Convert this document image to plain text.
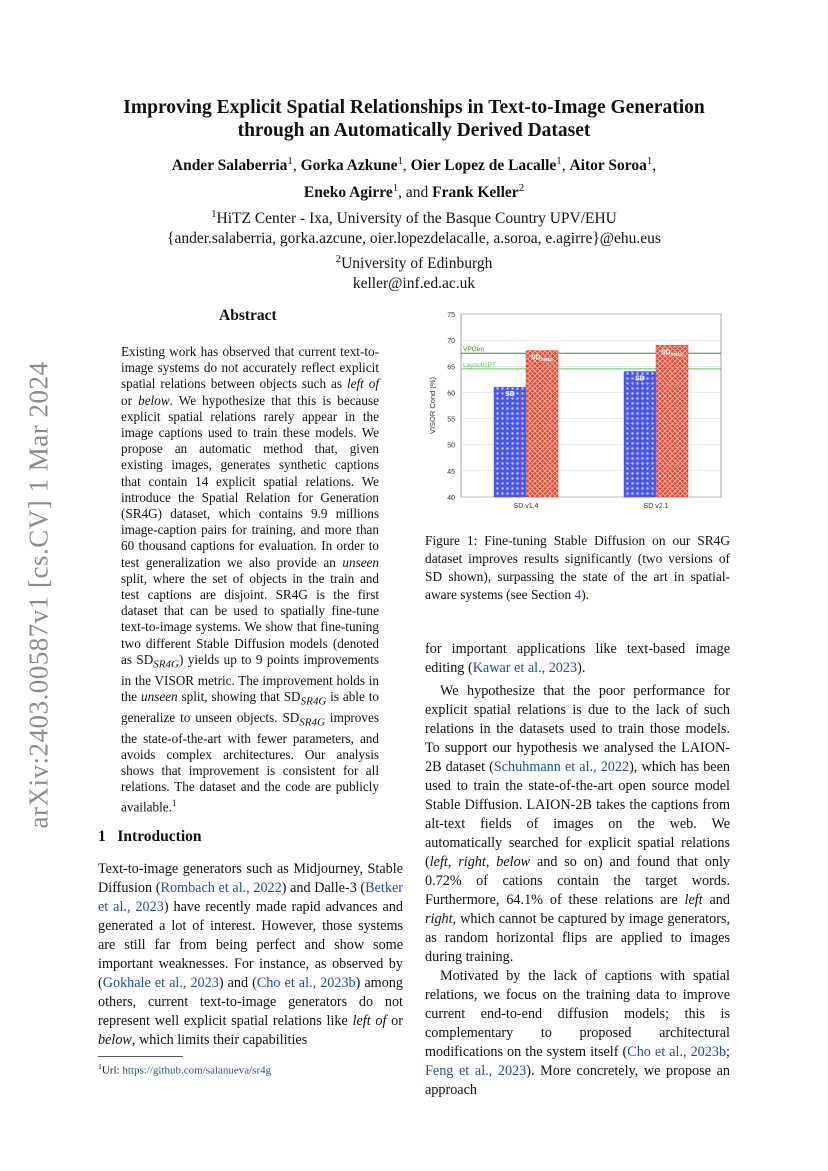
Improving Explicit Spatial Relationships in Text-to-Image Generation
through an Automatically Derived Dataset
Ander Salaberria$^1$, Gorka Azkune$^1$, Oier Lopez de Lacalle$^1$, Aitor Soroa$^1$,
Eneko Agirre$^1$, and Frank Keller$^2$
$^1$HiTZ Center - Ixa, University of the Basque Country UPV/EHU
{ander.salaberria, gorka.azcune, oier.lopezdelacalle, a.soroa, e.agirre}@ehu.eus
$^2$University of Edinburgh
keller@inf.ed.ac.uk
arXiv:2403.00587v1 [cs.CV] 1 Mar 2024
Abstract
Existing work has observed that current text-to-image systems do not accurately reflect explicit spatial relations between objects such as left of or below. We hypothesize that this is because explicit spatial relations rarely appear in the image captions used to train these models. We propose an automatic method that, given existing images, generates synthetic captions that contain 14 explicit spatial relations. We introduce the Spatial Relation for Generation (SR4G) dataset, which contains 9.9 millions image-caption pairs for training, and more than 60 thousand captions for evaluation. In order to test generalization we also provide an unseen split, where the set of objects in the train and test captions are disjoint. SR4G is the first dataset that can be used to spatially fine-tune text-to-image systems. We show that fine-tuning two different Stable Diffusion models (denoted as $SD_{SR4G}$) yields up to 9 points improvements in the VISOR metric. The improvement holds in the unseen split, showing that $SD_{SR4G}$ is able to generalize to unseen objects. $SD_{SR4G}$ improves the state-of-the-art with fewer parameters, and avoids complex architectures. Our analysis shows that improvement is consistent for all relations. The dataset and the code are publicly available.$^1$
1 Introduction
Text-to-image generators such as Midjourney, Stable Diffusion (Rombach et al., 2022) and Dalle-3 (Betker et al., 2023) have recently made rapid advances and generated a lot of interest. However, those systems are still far from being perfect and show some important weaknesses. For instance, as observed by (Gokhale et al., 2023) and (Cho et al., 2023b) among others, current text-to-image generators do not represent well explicit spatial relations like left of or below, which limits their capabilities
$^1$Url: https://github.com/salanueva/sr4g
40
45
50
55
60
65
70
75
VPGen
LayoutGPT
SD
$SD_{SR4G}$
SD v1.4
SD
$SD_{SR4G}$
SD v2.1
VISOR Cond (%)
Figure 1: Fine-tuning Stable Diffusion on our SR4G dataset improves results significantly (two versions of SD shown), surpassing the state of the art in spatial-aware systems (see Section 4).
for important applications like text-based image editing (Kawar et al., 2023).
We hypothesize that the poor performance for explicit spatial relations is due to the lack of such relations in the datasets used to train those models. To support our hypothesis we analysed the LAION-2B dataset (Schuhmann et al., 2022), which has been used to train the state-of-the-art open source model Stable Diffusion. LAION-2B takes the captions from alt-text fields of images on the web. We automatically searched for explicit spatial relations (left, right, below and so on) and found that only 0.72% of cations contain the target words. Furthermore, 64.1% of these relations are left and right, which cannot be captured by image generators, as random horizontal flips are applied to images during training.
Motivated by the lack of captions with spatial relations, we focus on the training data to improve current end-to-end diffusion models; this is complementary to proposed architectural modifications on the system itself (Cho et al., 2023b; Feng et al., 2023). More concretely, we propose an approach
